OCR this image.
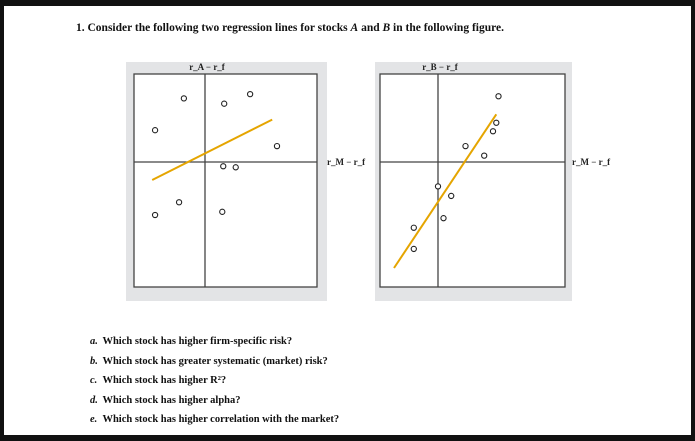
1. Consider the following two regression lines for stocks A and B in the following figure.
r_A − r_f
r_M − r_f
r_B − r_f
r_M − r_f
a. Which stock has higher firm-specific risk?
b. Which stock has greater systematic (market) risk?
c. Which stock has higher R²?
d. Which stock has higher alpha?
e. Which stock has higher correlation with the market?
